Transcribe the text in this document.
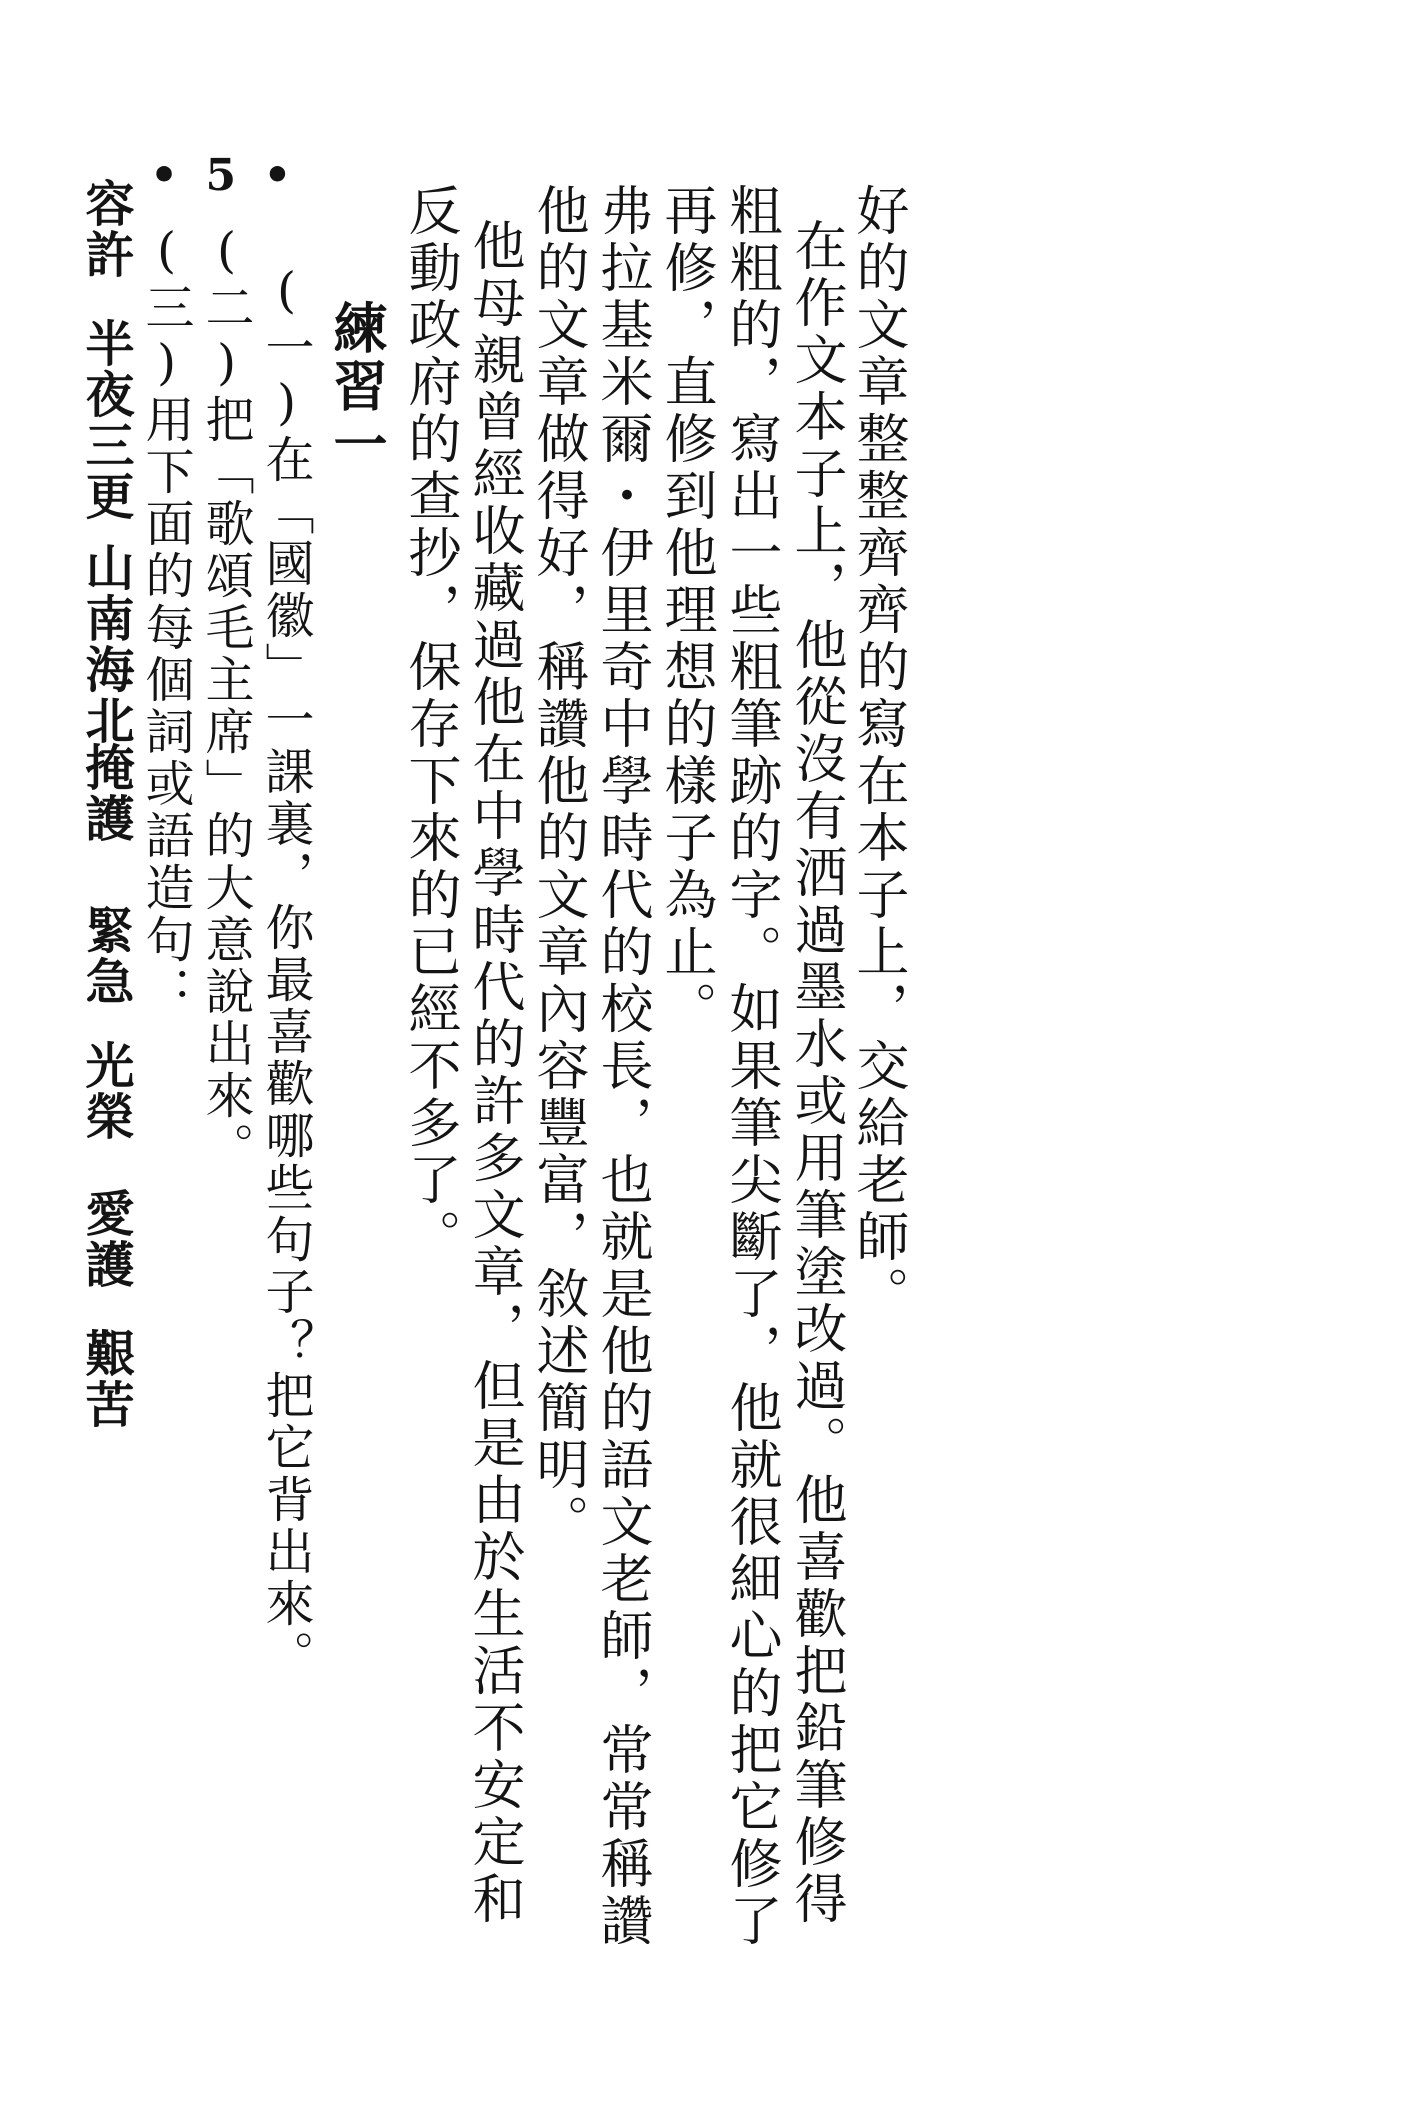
• 5 •
好的文章整整齊齊的寫在本子上，交給老師。
在作文本子上，他從沒有洒過墨水或用筆塗改過。他喜歡把鉛筆修得
粗粗的，寫出一些粗筆跡的字。如果筆尖斷了，他就很細心的把它修了
再修，直修到他理想的樣子為止。
弗拉基米爾・伊里奇中學時代的校長，也就是他的語文老師，常常稱讚
他的文章做得好，稱讚他的文章內容豐富，敘述簡明。
他母親曾經收藏過他在中學時代的許多文章，但是由於生活不安定和
反動政府的查抄，保存下來的已經不多了。
練習一
(一)在「國徽」一課裏，你最喜歡哪些句子？把它背出來。
(二)把「歌頌毛主席」的大意說出來。
(三)用下面的每個詞或語造句：
容許
半夜三更
山南海北
掩護
緊急
光榮
愛護
艱苦
